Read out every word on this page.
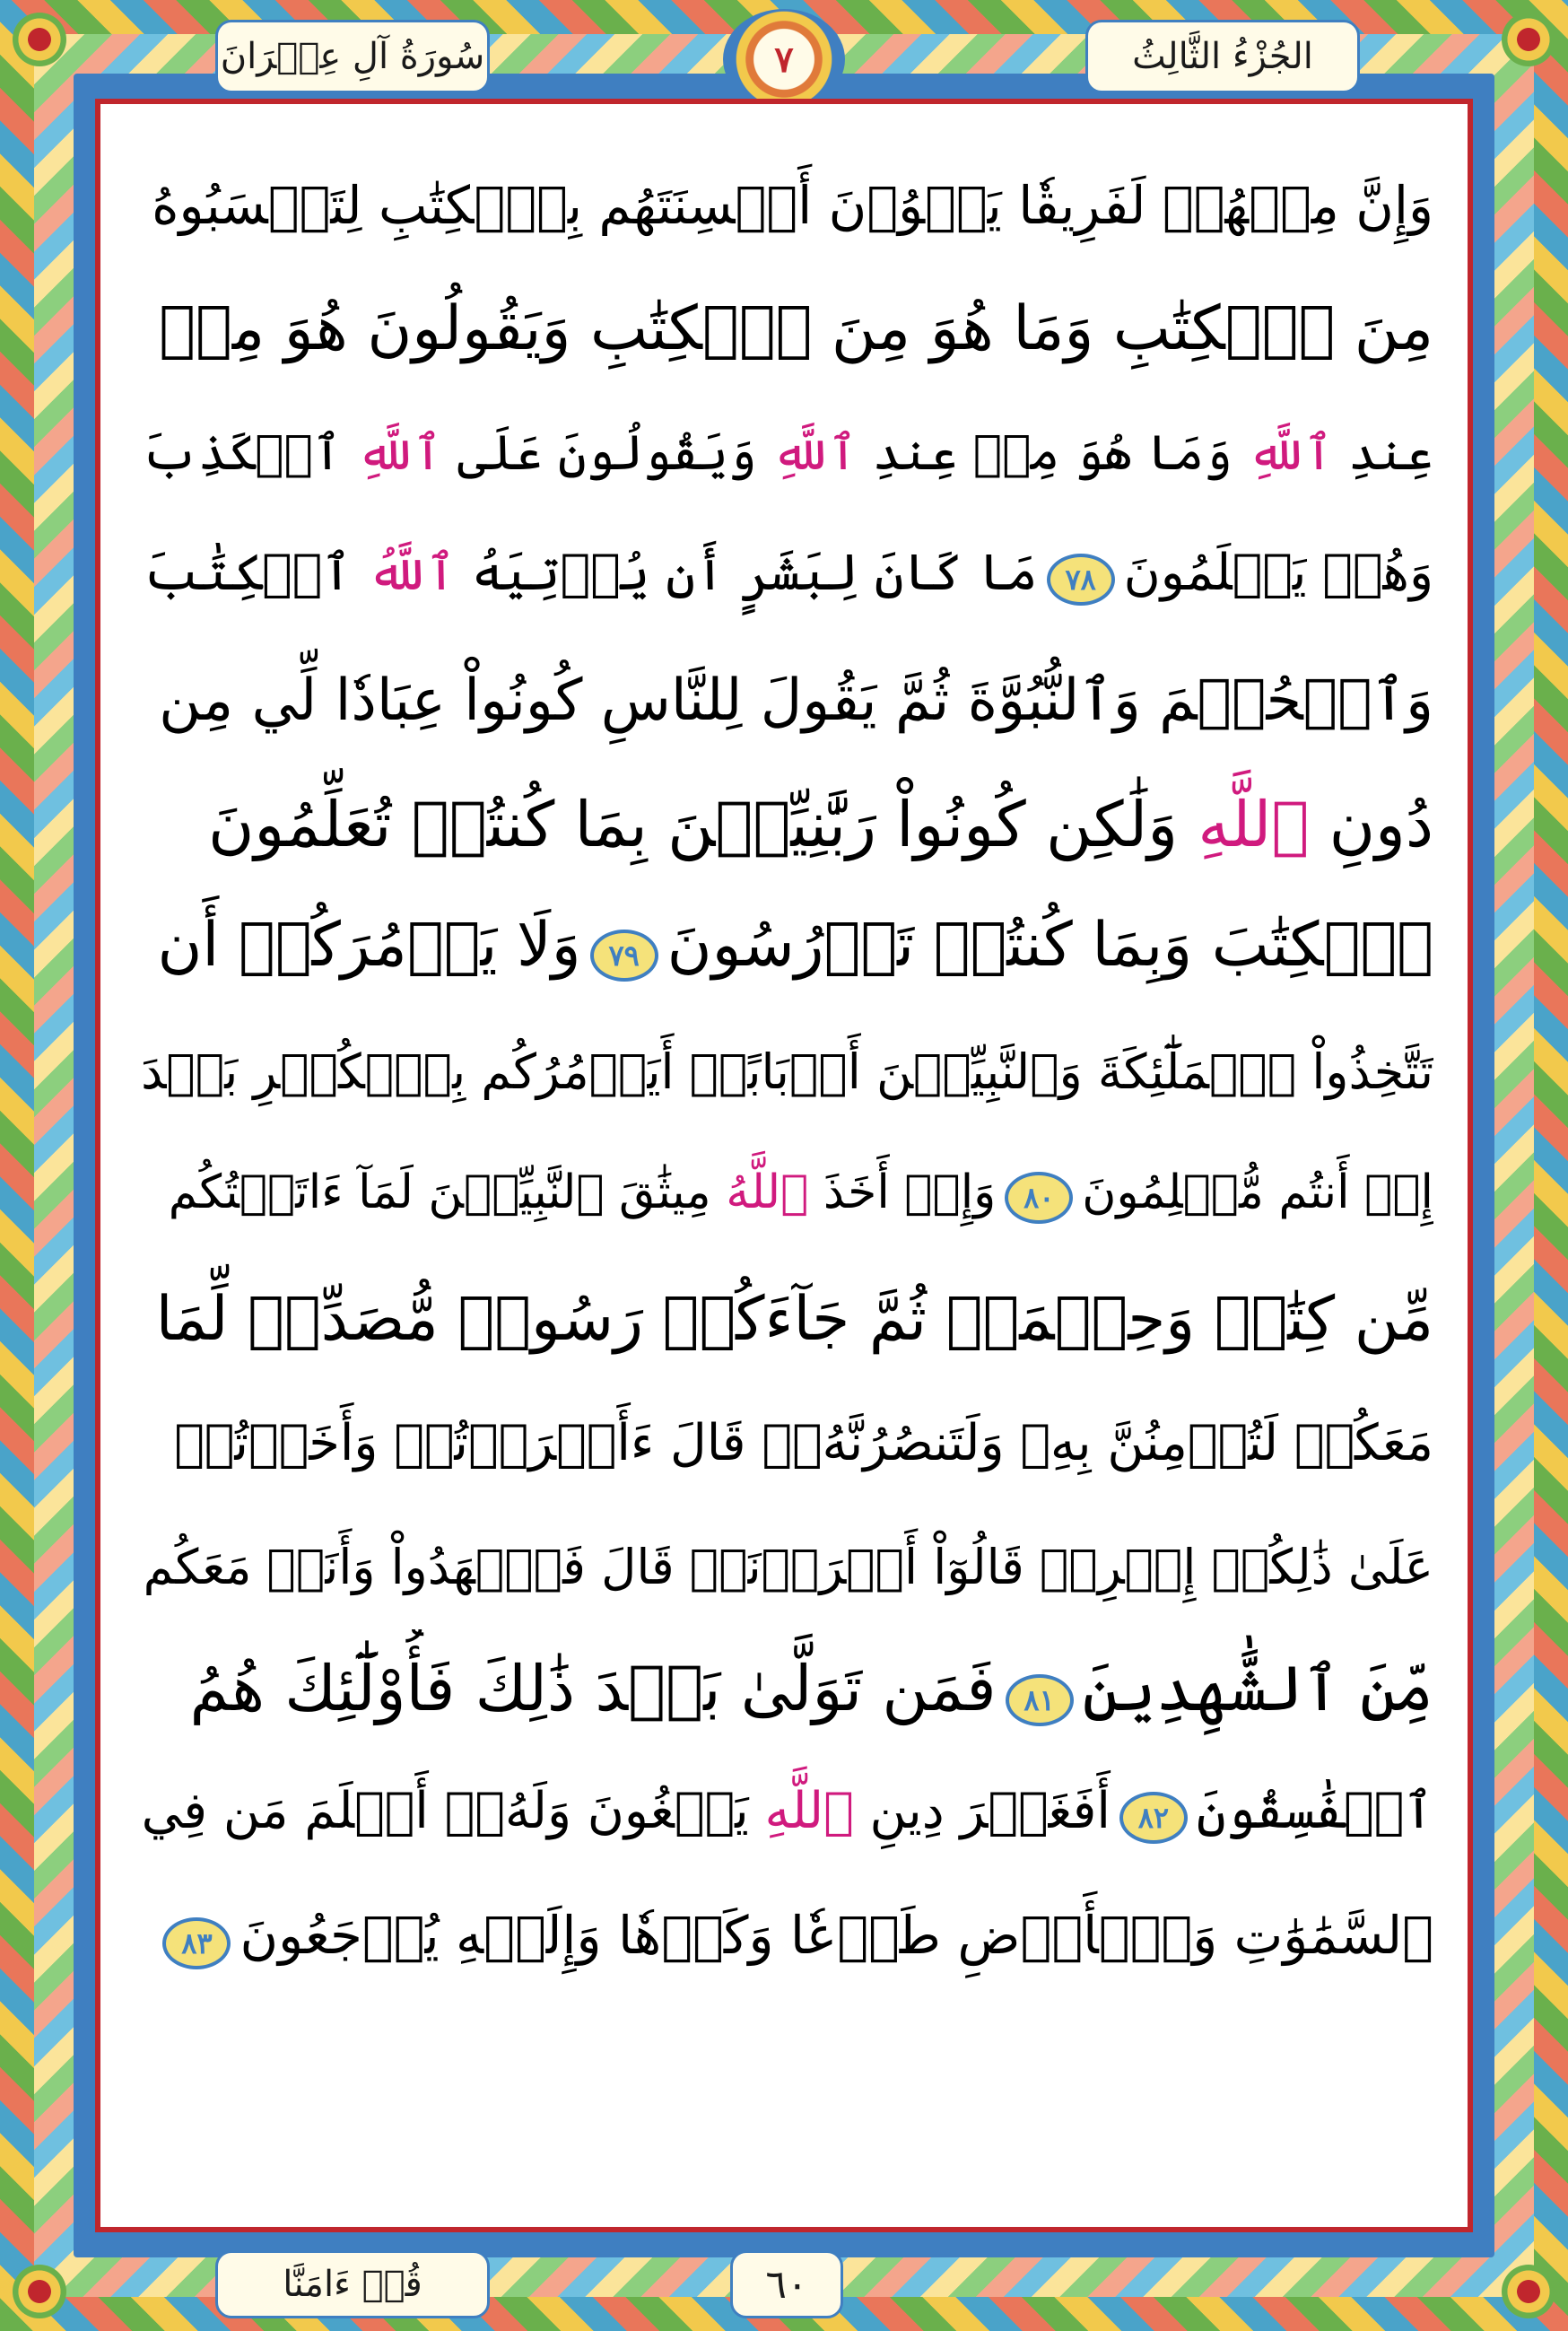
الجُزْءُ الثَّالِثُ
٧
سُورَةُ آلِ عِمۡرَانَ
وَإِنَّ مِنۡهُمۡ لَفَرِيقٗا يَلۡوُۥنَ أَلۡسِنَتَهُم بِٱلۡكِتَٰبِ لِتَحۡسَبُوهُ
مِنَ ٱلۡكِتَٰبِ وَمَا هُوَ مِنَ ٱلۡكِتَٰبِ وَيَقُولُونَ هُوَ مِنۡ
عِندِ ٱللَّهِ وَمَا هُوَ مِنۡ عِندِ ٱللَّهِ وَيَقُولُونَ عَلَى ٱللَّهِ ٱلۡكَذِبَ
وَهُمۡ يَعۡلَمُونَ٧٨مَا كَانَ لِبَشَرٍ أَن يُؤۡتِيَهُ ٱللَّهُ ٱلۡكِتَٰبَ
وَٱلۡحُكۡمَ وَٱلنُّبُوَّةَ ثُمَّ يَقُولَ لِلنَّاسِ كُونُواْ عِبَادٗا لِّي مِن
دُونِ ٱللَّهِ وَلَٰكِن كُونُواْ رَبَّٰنِيِّـۧنَ بِمَا كُنتُمۡ تُعَلِّمُونَ
ٱلۡكِتَٰبَ وَبِمَا كُنتُمۡ تَدۡرُسُونَ٧٩وَلَا يَأۡمُرَكُمۡ أَن
تَتَّخِذُواْ ٱلۡمَلَٰٓئِكَةَ وَٱلنَّبِيِّـۧنَ أَرۡبَابًاۗ أَيَأۡمُرُكُم بِٱلۡكُفۡرِ بَعۡدَ
إِذۡ أَنتُم مُّسۡلِمُونَ٨٠وَإِذۡ أَخَذَ ٱللَّهُ مِيثَٰقَ ٱلنَّبِيِّـۧنَ لَمَآ ءَاتَيۡتُكُم
مِّن كِتَٰبٖ وَحِكۡمَةٖ ثُمَّ جَآءَكُمۡ رَسُولٞ مُّصَدِّقٞ لِّمَا
مَعَكُمۡ لَتُؤۡمِنُنَّ بِهِۦ وَلَتَنصُرُنَّهُۥۚ قَالَ ءَأَقۡرَرۡتُمۡ وَأَخَذۡتُمۡ
عَلَىٰ ذَٰلِكُمۡ إِصۡرِيۖ قَالُوٓاْ أَقۡرَرۡنَاۚ قَالَ فَٱشۡهَدُواْ وَأَنَا۠ مَعَكُم
مِّنَ ٱلشَّٰهِدِينَ٨١فَمَن تَوَلَّىٰ بَعۡدَ ذَٰلِكَ فَأُوْلَٰٓئِكَ هُمُ
ٱلۡفَٰسِقُونَ٨٢أَفَغَيۡرَ دِينِ ٱللَّهِ يَبۡغُونَ وَلَهُۥٓ أَسۡلَمَ مَن فِي
ٱلسَّمَٰوَٰتِ وَٱلۡأَرۡضِ طَوۡعٗا وَكَرۡهٗا وَإِلَيۡهِ يُرۡجَعُونَ٨٣
قُلۡ ءَامَنَّا	٦٠
